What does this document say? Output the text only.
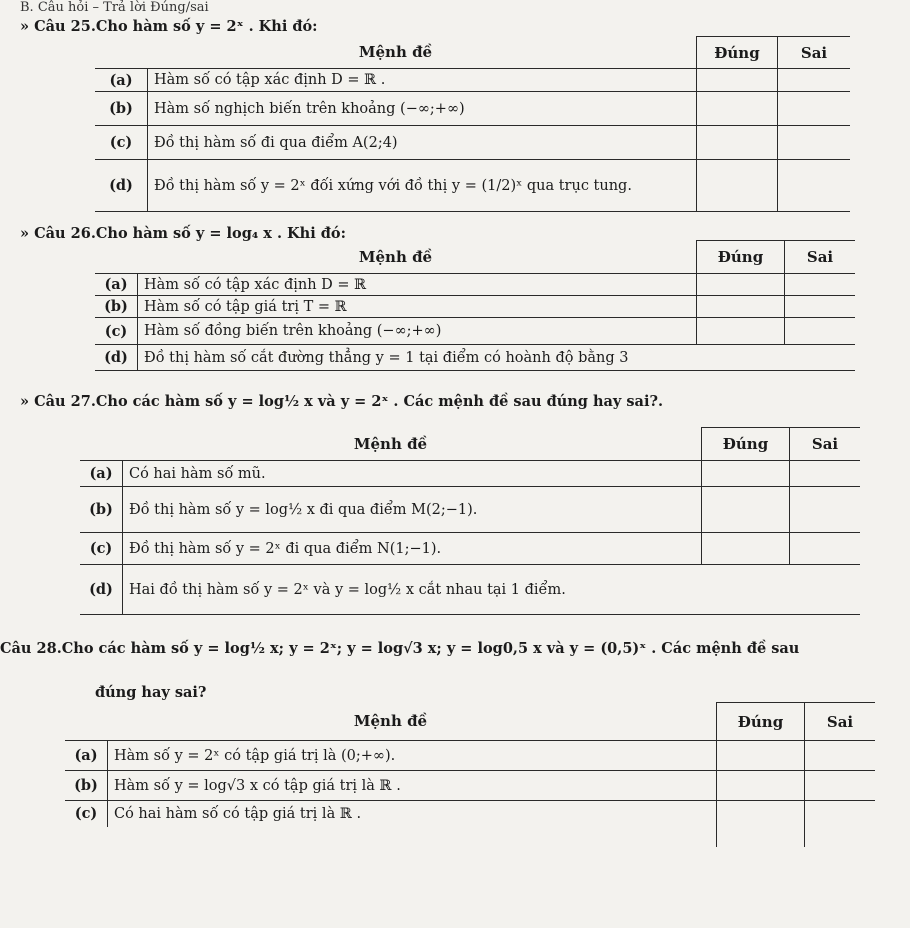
B. Câu hỏi – Trả lời Đúng/sai
» Câu 25.Cho hàm số y = 2ˣ . Khi đó:
Mệnh đề		Đúng	Sai
(a)	Hàm số có tập xác định D = ℝ .		
(b)	Hàm số nghịch biến trên khoảng (−∞;+∞)		
(c)	Đồ thị hàm số đi qua điểm A(2;4)		
(d)	Đồ thị hàm số y = 2ˣ đối xứng với đồ thị y = (1/2)ˣ qua trục tung.		
» Câu 26.Cho hàm số y = log₄ x . Khi đó:
Mệnh đề		Đúng	Sai
(a)	Hàm số có tập xác định D = ℝ		
(b)	Hàm số có tập giá trị T = ℝ		
(c)	Hàm số đồng biến trên khoảng (−∞;+∞)		
(d)	Đồ thị hàm số cắt đường thẳng y = 1 tại điểm có hoành độ bằng 3		
» Câu 27.Cho các hàm số y = log½ x và y = 2ˣ . Các mệnh đề sau đúng hay sai?.
Mệnh đề		Đúng	Sai
(a)	Có hai hàm số mũ.		
(b)	Đồ thị hàm số y = log½ x đi qua điểm M(2;−1).		
(c)	Đồ thị hàm số y = 2ˣ đi qua điểm N(1;−1).		
(d)	Hai đồ thị hàm số y = 2ˣ và y = log½ x cắt nhau tại 1 điểm.		
Câu 28.Cho các hàm số y = log½ x; y = 2ˣ; y = log√3 x; y = log0,5 x và y = (0,5)ˣ . Các mệnh đề sau
đúng hay sai?
Mệnh đề		Đúng	Sai
(a)	Hàm số y = 2ˣ có tập giá trị là (0;+∞).		
(b)	Hàm số y = log√3 x có tập giá trị là ℝ .		
(c)	Có hai hàm số có tập giá trị là ℝ .		
